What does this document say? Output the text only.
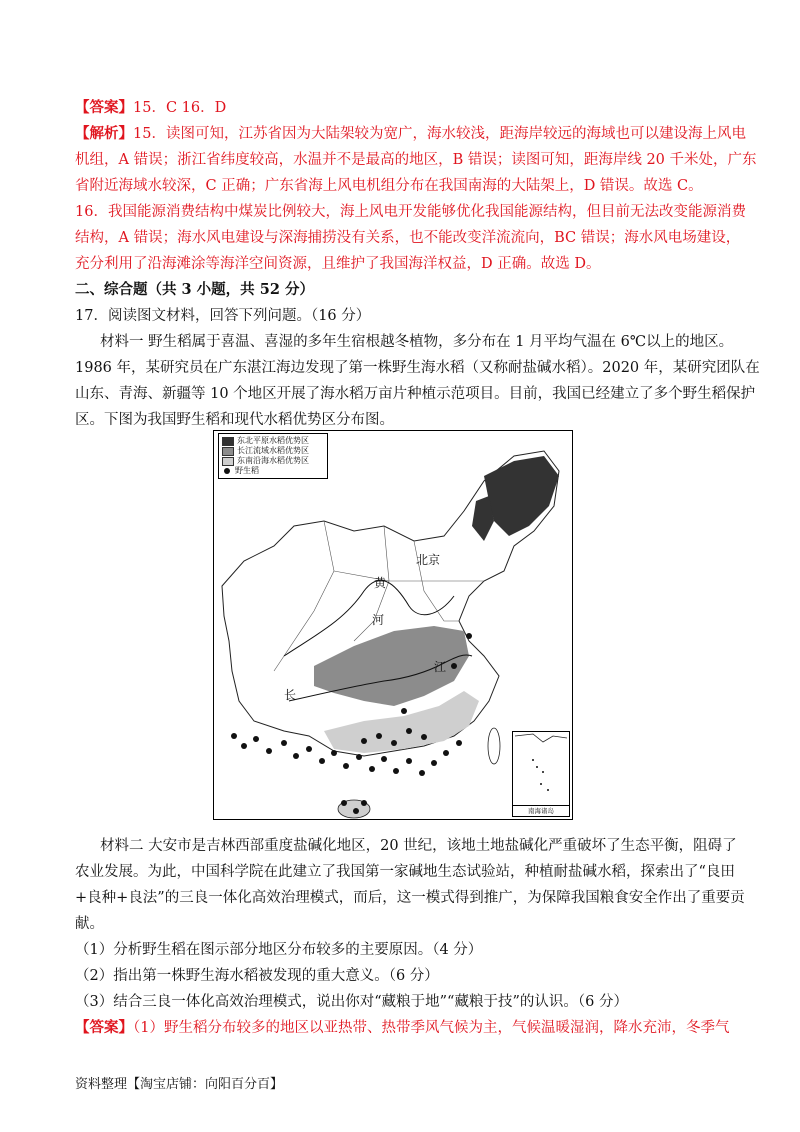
【答案】15．C 16．D
【解析】15．读图可知，江苏省因为大陆架较为宽广，海水较浅，距海岸较远的海域也可以建设海上风电
机组，A 错误；浙江省纬度较高，水温并不是最高的地区，B 错误；读图可知，距海岸线 20 千米处，广东
省附近海域水较深，C 正确；广东省海上风电机组分布在我国南海的大陆架上，D 错误。故选 C。
16．我国能源消费结构中煤炭比例较大，海上风电开发能够优化我国能源结构，但目前无法改变能源消费
结构，A 错误；海水风电建设与深海捕捞没有关系，也不能改变洋流流向，BC 错误；海水风电场建设，
充分利用了沿海滩涂等海洋空间资源，且维护了我国海洋权益，D 正确。故选 D。
二、综合题（共 3 小题，共 52 分）
17．阅读图文材料，回答下列问题。（16 分）
材料一 野生稻属于喜温、喜湿的多年生宿根越冬植物，多分布在 1 月平均气温在 6℃以上的地区。
1986 年，某研究员在广东湛江海边发现了第一株野生海水稻（又称耐盐碱水稻）。2020 年，某研究团队在
山东、青海、新疆等 10 个地区开展了海水稻万亩片种植示范项目。目前，我国已经建立了多个野生稻保护
区。下图为我国野生稻和现代水稻优势区分布图。
东北平原水稻优势区
长江流域水稻优势区
东南沿海水稻优势区
野生稻
北京
黄
河
江
长
南海诸岛
材料二 大安市是吉林西部重度盐碱化地区，20 世纪，该地土地盐碱化严重破坏了生态平衡，阻碍了
农业发展。为此，中国科学院在此建立了我国第一家碱地生态试验站，种植耐盐碱水稻，探索出了“良田
+良种+良法”的三良一体化高效治理模式，而后，这一模式得到推广，为保障我国粮食安全作出了重要贡
献。
（1）分析野生稻在图示部分地区分布较多的主要原因。（4 分）
（2）指出第一株野生海水稻被发现的重大意义。（6 分）
（3）结合三良一体化高效治理模式，说出你对“藏粮于地”“藏粮于技”的认识。（6 分）
【答案】（1）野生稻分布较多的地区以亚热带、热带季风气候为主，气候温暖湿润，降水充沛，冬季气
资料整理【淘宝店铺：向阳百分百】
